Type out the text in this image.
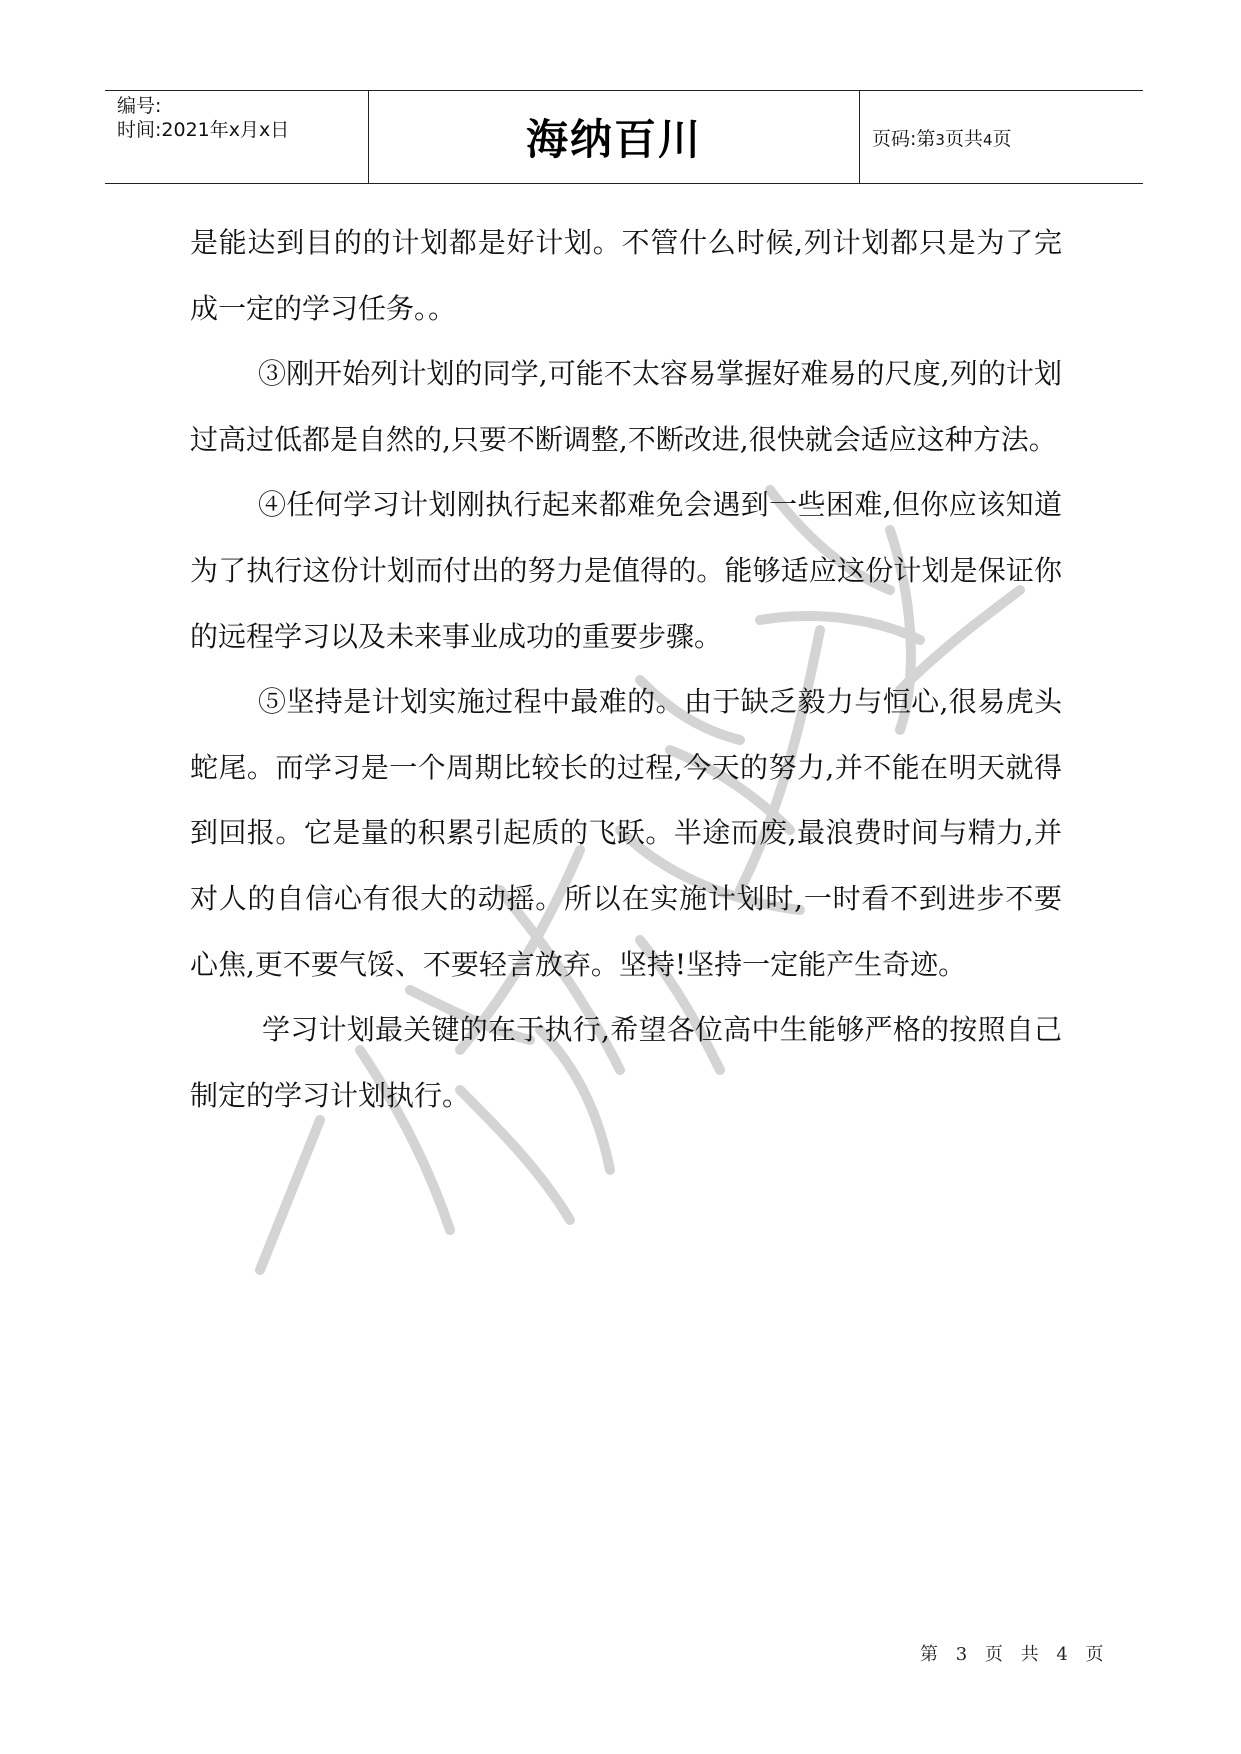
编号:
时间:2021年x月x日	海纳百川	页码:第3页共4页
严禁复制

是能达到目的的计划都是好计划。不管什么时候,列计划都只是为了完成一定的学习任务。。

③刚开始列计划的同学,可能不太容易掌握好难易的尺度,列的计划过高过低都是自然的,只要不断调整,不断改进,很快就会适应这种方法。

④任何学习计划刚执行起来都难免会遇到一些困难,但你应该知道为了执行这份计划而付出的努力是值得的。能够适应这份计划是保证你的远程学习以及未来事业成功的重要步骤。

⑤坚持是计划实施过程中最难的。由于缺乏毅力与恒心,很易虎头蛇尾。而学习是一个周期比较长的过程,今天的努力,并不能在明天就得到回报。它是量的积累引起质的飞跃。半途而废,最浪费时间与精力,并对人的自信心有很大的动摇。所以在实施计划时,一时看不到进步不要心焦,更不要气馁、不要轻言放弃。坚持!坚持一定能产生奇迹。

学习计划最关键的在于执行,希望各位高中生能够严格的按照自己制定的学习计划执行。

第 3 页 共 4 页
